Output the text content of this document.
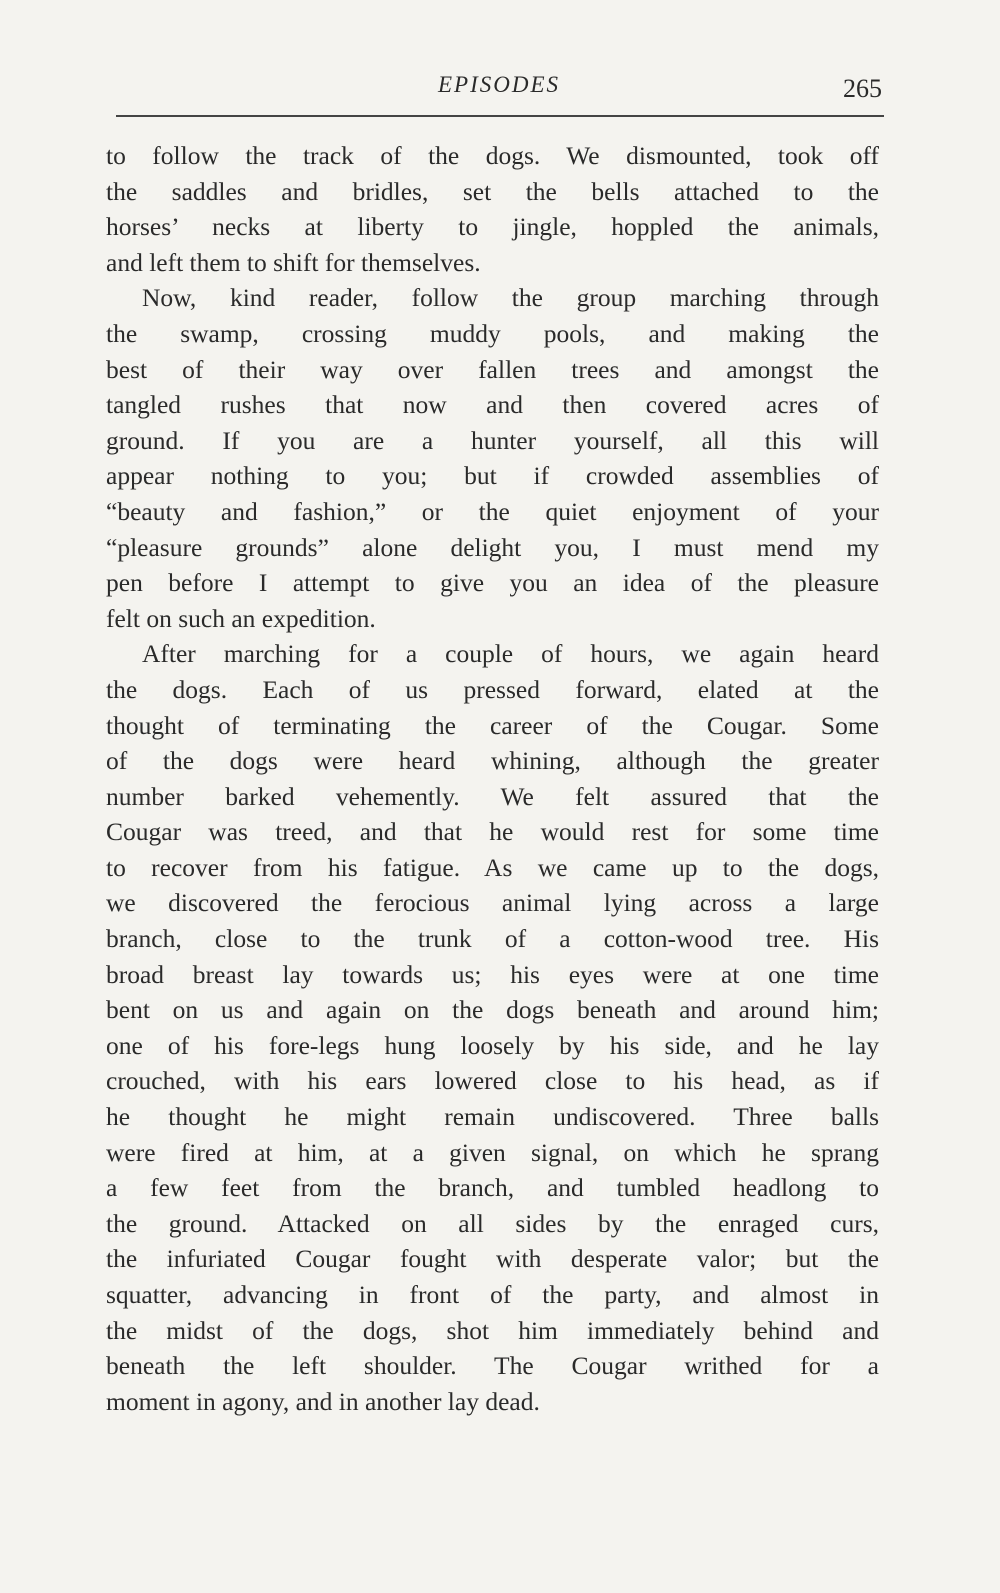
EPISODES	265
to follow the track of the dogs. We dismounted, took off
the saddles and bridles, set the bells attached to the
horses’ necks at liberty to jingle, hoppled the animals,
and left them to shift for themselves.
Now, kind reader, follow the group marching through
the swamp, crossing muddy pools, and making the
best of their way over fallen trees and amongst the
tangled rushes that now and then covered acres of
ground. If you are a hunter yourself, all this will
appear nothing to you; but if crowded assemblies of
“beauty and fashion,” or the quiet enjoyment of your
“pleasure grounds” alone delight you, I must mend my
pen before I attempt to give you an idea of the pleasure
felt on such an expedition.
After marching for a couple of hours, we again heard
the dogs. Each of us pressed forward, elated at the
thought of terminating the career of the Cougar. Some
of the dogs were heard whining, although the greater
number barked vehemently. We felt assured that the
Cougar was treed, and that he would rest for some time
to recover from his fatigue. As we came up to the dogs,
we discovered the ferocious animal lying across a large
branch, close to the trunk of a cotton-wood tree. His
broad breast lay towards us; his eyes were at one time
bent on us and again on the dogs beneath and around him;
one of his fore-legs hung loosely by his side, and he lay
crouched, with his ears lowered close to his head, as if
he thought he might remain undiscovered. Three balls
were fired at him, at a given signal, on which he sprang
a few feet from the branch, and tumbled headlong to
the ground. Attacked on all sides by the enraged curs,
the infuriated Cougar fought with desperate valor; but the
squatter, advancing in front of the party, and almost in
the midst of the dogs, shot him immediately behind and
beneath the left shoulder. The Cougar writhed for a
moment in agony, and in another lay dead.
